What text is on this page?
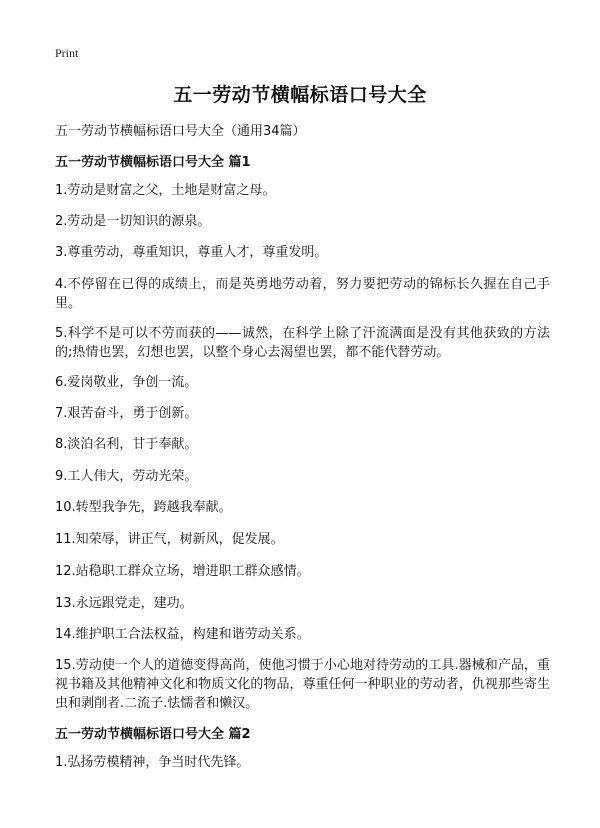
Print
五一劳动节横幅标语口号大全
五一劳动节横幅标语口号大全（通用34篇）
五一劳动节横幅标语口号大全 篇1
1.劳动是财富之父，土地是财富之母。
2.劳动是一切知识的源泉。
3.尊重劳动，尊重知识，尊重人才，尊重发明。
4.不停留在已得的成绩上，而是英勇地劳动着，努力要把劳动的锦标长久握在自己手里。
5.科学不是可以不劳而获的——诚然，在科学上除了汗流满面是没有其他获致的方法的;热情也罢，幻想也罢，以整个身心去渴望也罢，都不能代替劳动。
6.爱岗敬业，争创一流。
7.艰苦奋斗，勇于创新。
8.淡泊名利，甘于奉献。
9.工人伟大，劳动光荣。
10.转型我争先，跨越我奉献。
11.知荣辱，讲正气，树新风，促发展。
12.站稳职工群众立场，增进职工群众感情。
13.永远跟党走，建功。
14.维护职工合法权益，构建和谐劳动关系。
15.劳动使一个人的道德变得高尚，使他习惯于小心地对待劳动的工具.器械和产品，重视书籍及其他精神文化和物质文化的物品，尊重任何一种职业的劳动者，仇视那些寄生虫和剥削者.二流子.怯懦者和懒汉。
五一劳动节横幅标语口号大全 篇2
1.弘扬劳模精神，争当时代先锋。
